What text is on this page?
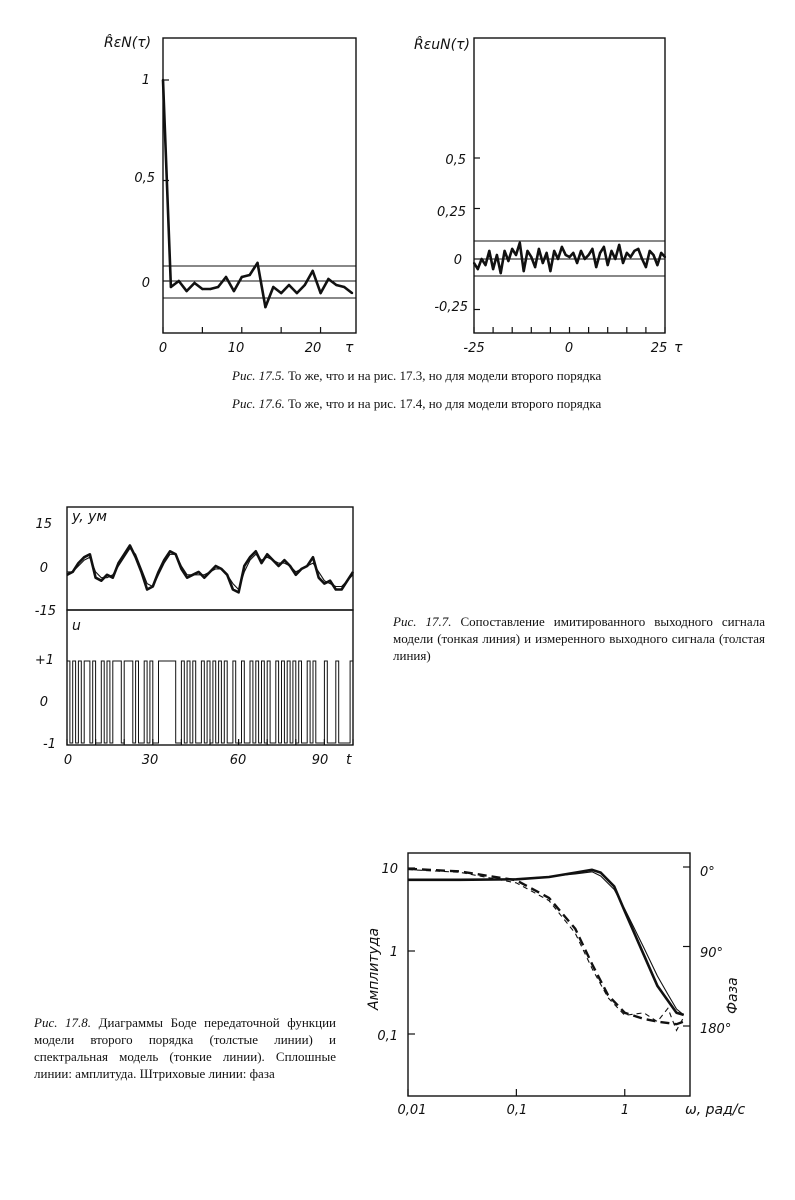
1
0,5
0
0	10	20 τ
R̂εN(τ)
0,5
0,25
0
-0,25
-25	0	25 τ
R̂εuN(τ)
15
0
-15
+1
0
-1
0	30	60	90 t
y, yм
u
10
1
0,1
0°
90°
180°
0,01	0,1	1	ω, рад/с
Амплитуда	Фаза
Рис. 17.5. То же, что и на рис. 17.3, но для модели второго порядка
Рис. 17.6. То же, что и на рис. 17.4, но для модели второго порядка
Рис. 17.7. Сопоставление имитированного выходного сигнала модели (тонкая линия) и измеренного выходного сигнала (толстая линия)
Рис. 17.8. Диаграммы Боде передаточной функции модели второго порядка (толстые линии) и спектральная модель (тонкие линии). Сплошные линии: амплитуда. Штриховые линии: фаза
